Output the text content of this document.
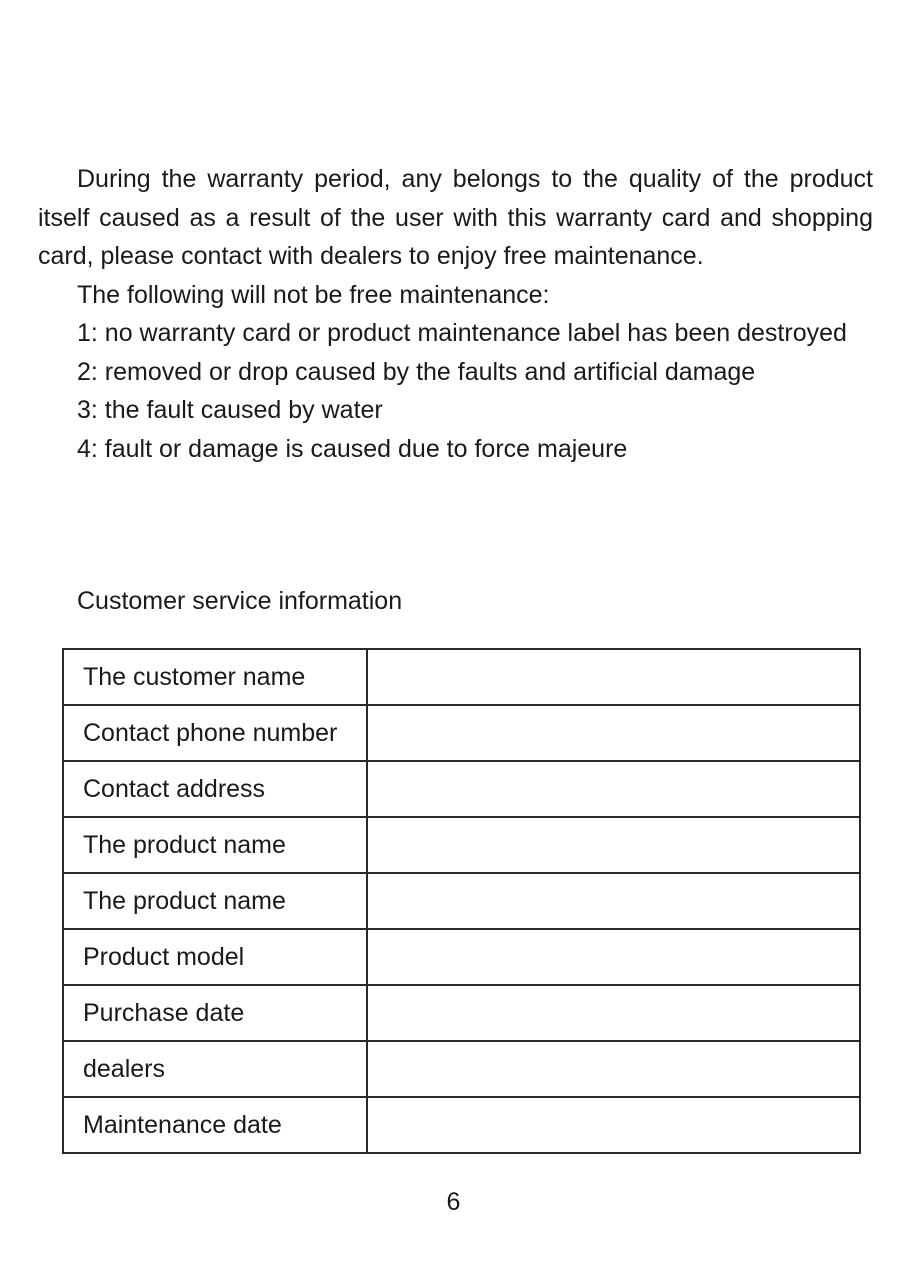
During the warranty period, any belongs to the quality of the product itself caused as a result of the user with this warranty card and shopping card, please contact with dealers to enjoy free maintenance.

The following will not be free maintenance:

1: no warranty card or product maintenance label has been destroyed

2: removed or drop caused by the faults and artificial damage

3: the fault caused by water

4: fault or damage is caused due to force majeure

Customer service information
The customer name	
Contact phone number	
Contact address	
The product name	
The product name	
Product model	
Purchase date	
dealers	
Maintenance date	
6
